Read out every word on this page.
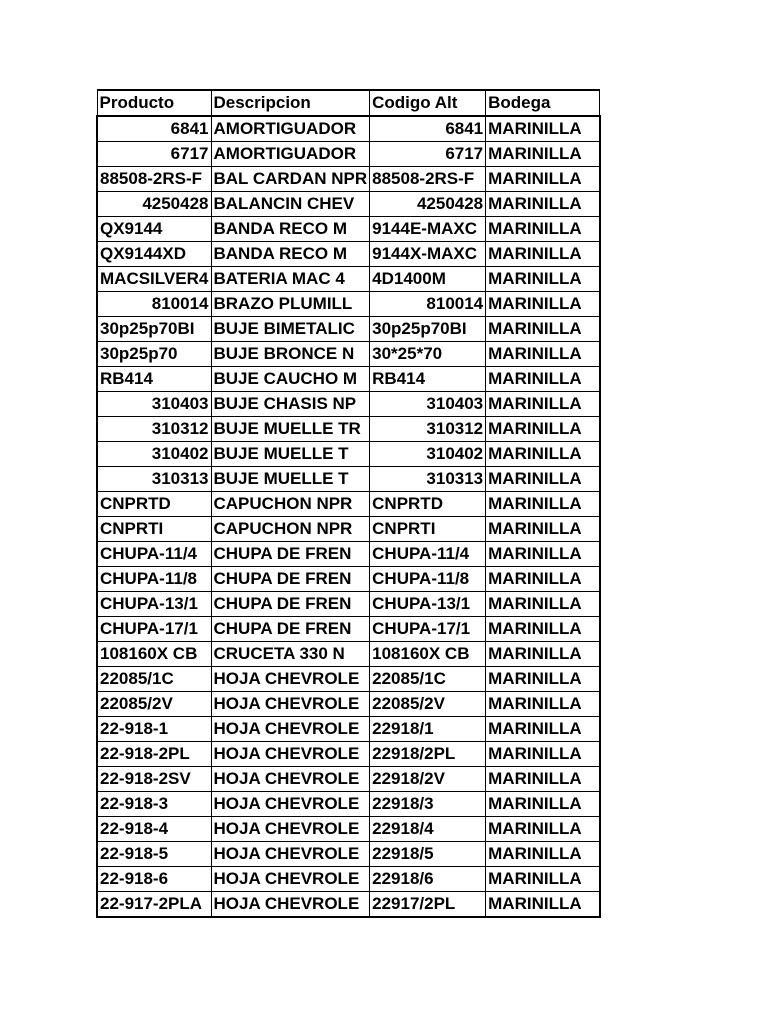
Producto	Descripcion	Codigo Alt	Bodega
6841	AMORTIGUADOR	6841	MARINILLA
6717	AMORTIGUADOR	6717	MARINILLA
88508-2RS-F	BAL CARDAN NPR	88508-2RS-F	MARINILLA
4250428	BALANCIN CHEV	4250428	MARINILLA
QX9144	BANDA RECO M	9144E-MAXC	MARINILLA
QX9144XD	BANDA RECO M	9144X-MAXC	MARINILLA
MACSILVER4	BATERIA MAC 4	4D1400M	MARINILLA
810014	BRAZO PLUMILL	810014	MARINILLA
30p25p70BI	BUJE BIMETALIC	30p25p70BI	MARINILLA
30p25p70	BUJE BRONCE N	30*25*70	MARINILLA
RB414	BUJE CAUCHO M	RB414	MARINILLA
310403	BUJE CHASIS NP	310403	MARINILLA
310312	BUJE MUELLE TR	310312	MARINILLA
310402	BUJE MUELLE T	310402	MARINILLA
310313	BUJE MUELLE T	310313	MARINILLA
CNPRTD	CAPUCHON NPR	CNPRTD	MARINILLA
CNPRTI	CAPUCHON NPR	CNPRTI	MARINILLA
CHUPA-11/4	CHUPA DE FREN	CHUPA-11/4	MARINILLA
CHUPA-11/8	CHUPA DE FREN	CHUPA-11/8	MARINILLA
CHUPA-13/1	CHUPA DE FREN	CHUPA-13/1	MARINILLA
CHUPA-17/1	CHUPA DE FREN	CHUPA-17/1	MARINILLA
108160X CB	CRUCETA 330 N	108160X CB	MARINILLA
22085/1C	HOJA CHEVROLE	22085/1C	MARINILLA
22085/2V	HOJA CHEVROLE	22085/2V	MARINILLA
22-918-1	HOJA CHEVROLE	22918/1	MARINILLA
22-918-2PL	HOJA CHEVROLE	22918/2PL	MARINILLA
22-918-2SV	HOJA CHEVROLE	22918/2V	MARINILLA
22-918-3	HOJA CHEVROLE	22918/3	MARINILLA
22-918-4	HOJA CHEVROLE	22918/4	MARINILLA
22-918-5	HOJA CHEVROLE	22918/5	MARINILLA
22-918-6	HOJA CHEVROLE	22918/6	MARINILLA
22-917-2PLA	HOJA CHEVROLE	22917/2PL	MARINILLA
